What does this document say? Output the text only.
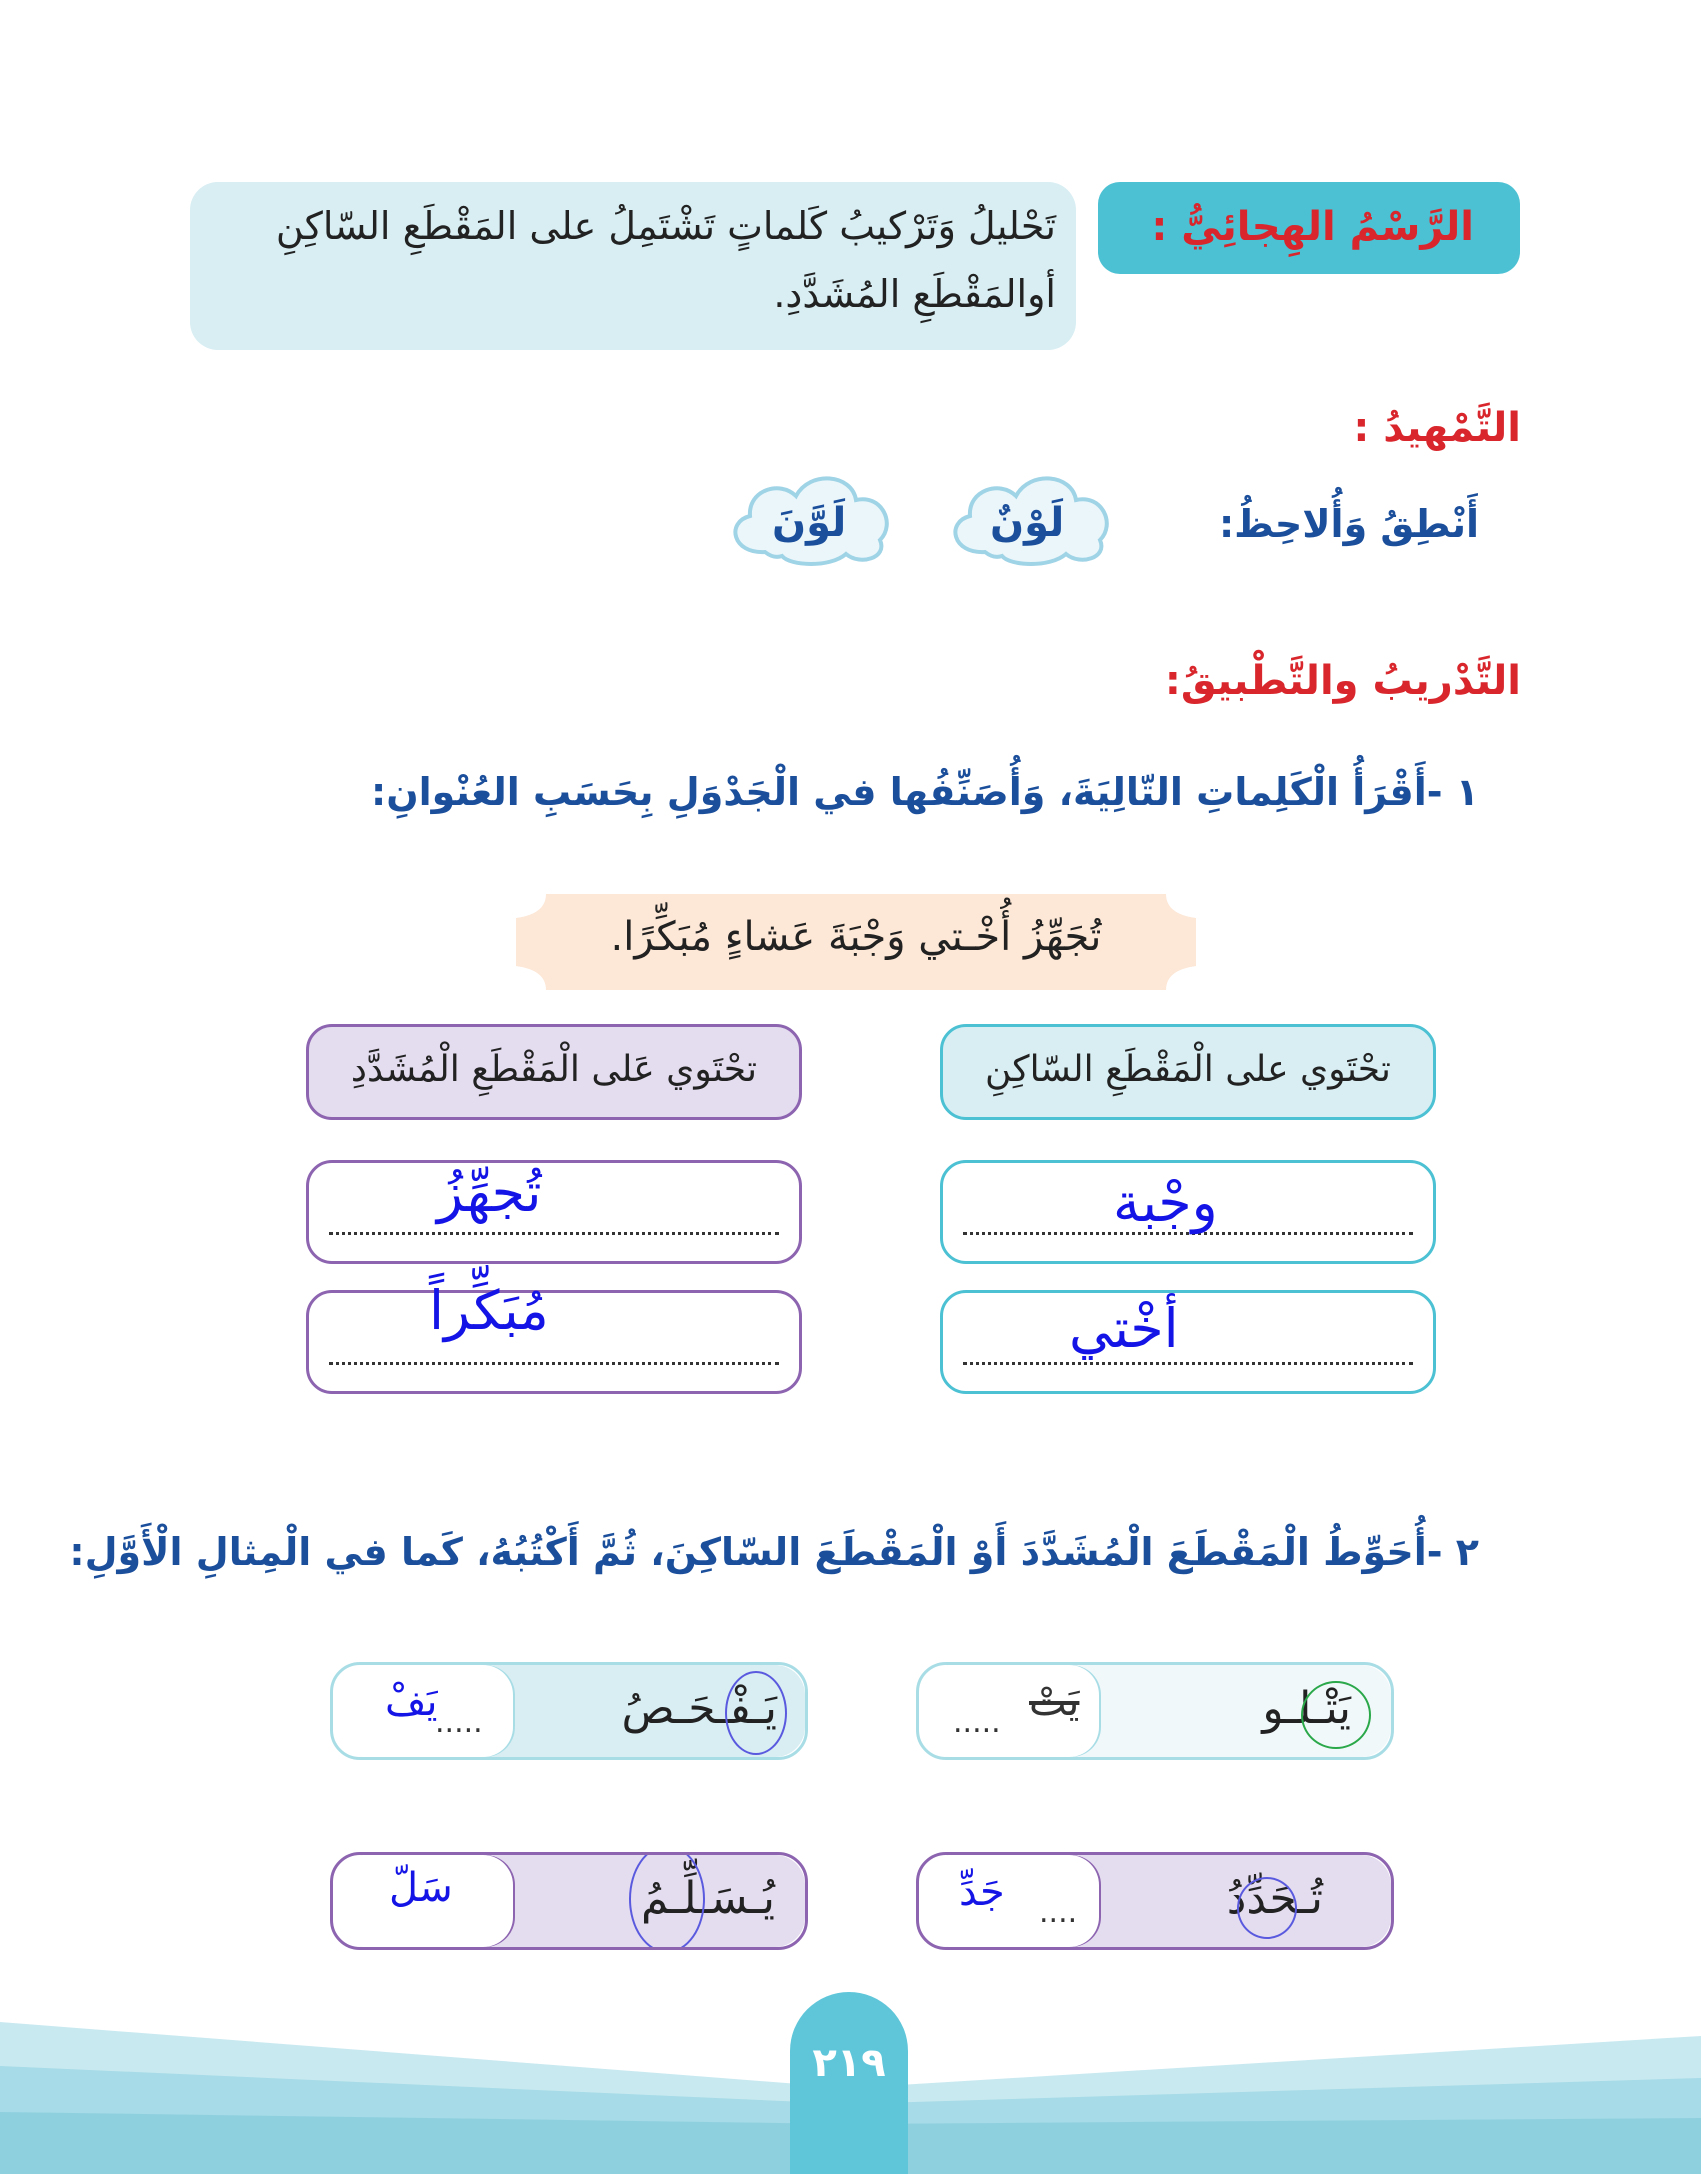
الرَّسْمُ الهِجائِيُّ :
تَحْليلُ وَتَرْكيبُ كَلماتٍ تَشْتَمِلُ على المَقْطَعِ السّاكِنِ أوالمَقْطَعِ المُشَدَّدِ.
التَّمْهيدُ :
أَنْطِقُ وَأُلاحِظُ:
لَوْنٌ
لَوَّنَ
التَّدْريبُ والتَّطْبيقُ:
١ -أَقْرَأُ الْكَلِماتِ التّالِيَةَ، وَأُصَنِّفُها في الْجَدْوَلِ بِحَسَبِ العُنْوانِ:
تُجَهِّزُ أُخْـتي وَجْبَةَ عَشاءٍ مُبَكِّرًا.
تحْتَوي على الْمَقْطَعِ السّاكِنِ
تحْتَوي عَلى الْمَقْطَعِ الْمُشَدَّدِ
وجْبة
أخْتي
تُجهِّزُ
مُبَكِّراً
٢ -أُحَوِّطُ الْمَقْطَعَ الْمُشَدَّدَ أَوْ الْمَقْطَعَ السّاكِنَ، ثُمَّ أَكْتُبُهُ، كَما في الْمِثالِ الْأَوَّلِ:
يَتْـلـو
يَتْ
.....
يَـفْـحَـصُ
يَفْ
.....
تُـحَدِّدُ
جَدِّ ....
يُـسَـلِّـمُ
سَلّ
٢١٩
